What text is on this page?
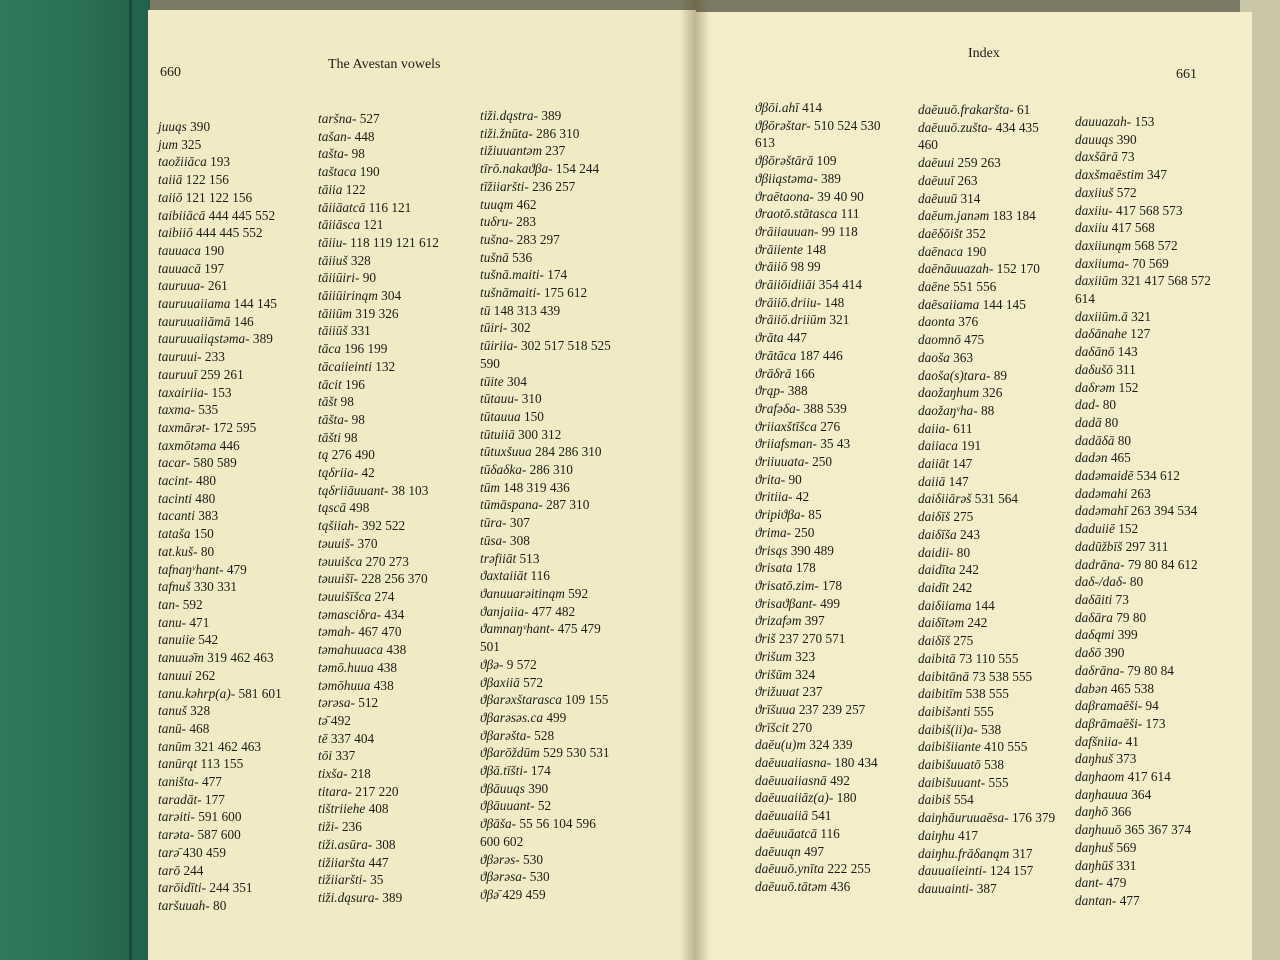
660
The Avestan vowels
Index
661
juuąs 390
jum 325
taožiiāca 193
taiiā 122 156
taiiō 121 122 156
taibiiācā 444 445 552
taibiiō 444 445 552
tauuaca 190
tauuacā 197
tauruua- 261
tauruuaiiama 144 145
tauruuaiiāmā 146
tauruuaiiąstəma- 389
tauruui- 233
tauruuī 259 261
taxairiia- 153
taxma- 535
taxmārət- 172 595
taxmōtəma 446
tacar- 580 589
tacint- 480
tacinti 480
tacanti 383
tataša 150
tat.kuš- 80
tafnaŋᵛhant- 479
tafnuš 330 331
tan- 592
tanu- 471
tanuiie 542
tanuuə̄m 319 462 463
tanuui 262
tanu.kəhrp(a)- 581 601
tanuš 328
tanū- 468
tanūm 321 462 463
tanūrąt 113 155
taništa- 477
taradāt- 177
tarəiti- 591 600
tarəta- 587 600
tarə̄ 430 459
tarō 244
tarōidīti- 244 351
taršuuah- 80
taršna- 527
tašan- 448
tašta- 98
taštaca 190
tāiia 122
tāiiāatcā 116 121
tāiiāsca 121
tāiiu- 118 119 121 612
tāiiuš 328
tāiiūiri- 90
tāiiūirinąm 304
tāiiūm 319 326
tāiiūš 331
tāca 196 199
tācaiieinti 132
tācit 196
tāšt 98
tāšta- 98
tāšti 98
tą 276 490
tąδriia- 42
tąδriiāuuant- 38 103
tąscā 498
tąšiiah- 392 522
təuuiš- 370
təuuišca 270 273
təuuišī- 228 256 370
təuuišīšca 274
təmasciδra- 434
təmah- 467 470
təmahuuaca 438
təmō.huua 438
təmōhuua 438
tərəsa- 512
tə̄ 492
tē 337 404
tōi 337
tixša- 218
titara- 217 220
tištriiehe 408
tiži- 236
tiži.asūra- 308
tižiiaršta 447
tižiiaršti- 35
tiži.dąsura- 389
tiži.dąstra- 389
tiži.žnūta- 286 310
tižiuuantəm 237
tīrō.nakaϑβa- 154 244
tīžiiaršti- 236 257
tuuąm 462
tuδru- 283
tušna- 283 297
tušnā 536
tušnā.maiti- 174
tušnāmaiti- 175 612
tū 148 313 439
tūiri- 302
tūiriia- 302 517 518 525
590
tūite 304
tūtauu- 310
tūtauua 150
tūtuiiā 300 312
tūtuxšuua 284 286 310
tūδaδka- 286 310
tūm 148 319 436
tūmāspana- 287 310
tūra- 307
tūsa- 308
trəfiiāt 513
ϑaxtaiiāt 116
ϑanuuarəitinąm 592
ϑanjaiia- 477 482
ϑamnaŋᵛhant- 475 479
501
ϑβə- 9 572
ϑβaxiiā 572
ϑβarəxštarasca 109 155
ϑβarəsəs.ca 499
ϑβarəšta- 528
ϑβarōždūm 529 530 531
ϑβā.tīšti- 174
ϑβāuuąs 390
ϑβāuuant- 52
ϑβāša- 55 56 104 596
600 602
ϑβərəs- 530
ϑβərəsa- 530
ϑβə̄ 429 459
ϑβōi.ahī 414
ϑβōrəštar- 510 524 530
613
ϑβōrəštārā 109
ϑβiiąstəma- 389
ϑraētaona- 39 40 90
ϑraotō.stātasca 111
ϑrāiiauuan- 99 118
ϑrāiiente 148
ϑrāiiō 98 99
ϑrāiiōidiiāi 354 414
ϑrāiiō.driiu- 148
ϑrāiiō.driiūm 321
ϑrāta 447
ϑrātāca 187 446
ϑrāδrā 166
ϑrąp- 388
ϑrafəδa- 388 539
ϑriiaxštīšca 276
ϑriiafsman- 35 43
ϑriiuuata- 250
ϑrita- 90
ϑritiia- 42
ϑripiϑβa- 85
ϑrima- 250
ϑrisąs 390 489
ϑrisata 178
ϑrisatō.zim- 178
ϑrisaϑβant- 499
ϑrizafəm 397
ϑriš 237 270 571
ϑrišum 323
ϑrišūm 324
ϑrižuuat 237
ϑrīšuua 237 239 257
ϑrīšcit 270
daēu(u)m 324 339
daēuuaiiasna- 180 434
daēuuaiiasnā 492
daēuuaiiāz(a)- 180
daēuuaiiā 541
daēuuāatcā 116
daēuuąn 497
daēuuō.ynīta 222 255
daēuuō.tātəm 436
daēuuō.frakaršta- 61
daēuuō.zušta- 434 435
460
daēuui 259 263
daēuuī 263
daēuuū 314
daēum.janəm 183 184
daēδōišt 352
daēnaca 190
daēnāuuazah- 152 170
daēne 551 556
daēsaiiama 144 145
daonta 376
daomnō 475
daoša 363
daoša(s)tara- 89
daožaŋhum 326
daožaŋᵛha- 88
daiia- 611
daiiaca 191
daiiāt 147
daiiā 147
daiδiiārəš 531 564
daiδīš 275
daiδīša 243
daidii- 80
daidīta 242
daidīt 242
daiδiiama 144
daiδītəm 242
daiδīš 275
daibitā 73 110 555
daibitānā 73 538 555
daibitīm 538 555
daibišənti 555
daibiš(ii)a- 538
daibišiiante 410 555
daibišuuatō 538
daibišuuant- 555
daibiš 554
daiŋhāuruuaēsa- 176 379
daiŋhu 417
daiŋhu.frāδanąm 317
dauuaiieinti- 124 157
dauuainti- 387
dauuazah- 153
dauuąs 390
daxšārā 73
daxšmaēstim 347
daxiiuš 572
daxiiu- 417 568 573
daxiiu 417 568
daxiiunąm 568 572
daxiiuma- 70 569
daxiiūm 321 417 568 572
614
daxiiūm.ā 321
daδānahe 127
daδānō 143
daδušō 311
daδrəm 152
dad- 80
dadā 80
dadāδā 80
dadən 465
dadəmaidē 534 612
dadəmahi 263
dadəmahī 263 394 534
daduiiē 152
dadūžbīš 297 311
dadrāna- 79 80 84 612
daδ-/daδ- 80
daδāiti 73
daδāra 79 80
daδąmi 399
daδō 390
daδrāna- 79 80 84
dabən 465 538
daβramaēši- 94
daβrāmaēši- 173
dafšniia- 41
daŋhuš 373
daŋhaom 417 614
daŋhauua 364
daŋhō 366
daŋhuuō 365 367 374
daŋhuš 569
daŋhūš 331
dant- 479
dantan- 477
